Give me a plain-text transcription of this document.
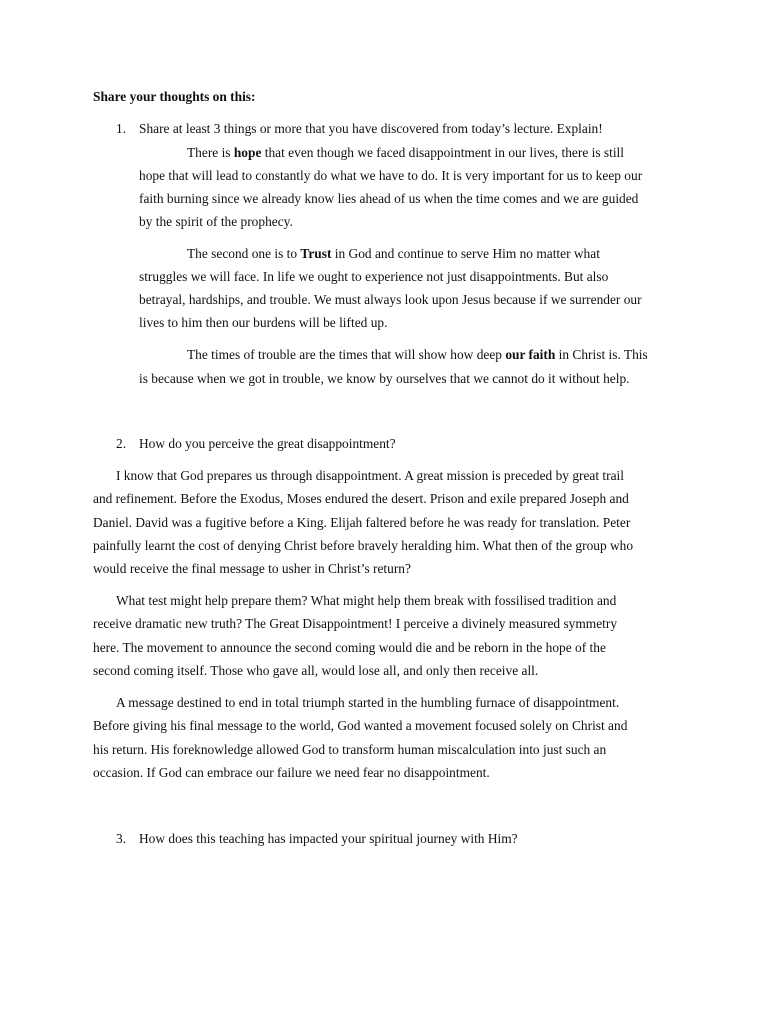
Share your thoughts on this:
1. Share at least 3 things or more that you have discovered from today’s lecture. Explain!
There is hope that even though we faced disappointment in our lives, there is still
hope that will lead to constantly do what we have to do. It is very important for us to keep our
faith burning since we already know lies ahead of us when the time comes and we are guided
by the spirit of the prophecy.
The second one is to Trust in God and continue to serve Him no matter what
struggles we will face. In life we ought to experience not just disappointments. But also
betrayal, hardships, and trouble. We must always look upon Jesus because if we surrender our
lives to him then our burdens will be lifted up.
The times of trouble are the times that will show how deep our faith in Christ is. This
is because when we got in trouble, we know by ourselves that we cannot do it without help.
2. How do you perceive the great disappointment?
I know that God prepares us through disappointment. A great mission is preceded by great trail
and refinement. Before the Exodus, Moses endured the desert. Prison and exile prepared Joseph and
Daniel. David was a fugitive before a King. Elijah faltered before he was ready for translation. Peter
painfully learnt the cost of denying Christ before bravely heralding him. What then of the group who
would receive the final message to usher in Christ’s return?
What test might help prepare them? What might help them break with fossilised tradition and
receive dramatic new truth? The Great Disappointment! I perceive a divinely measured symmetry
here. The movement to announce the second coming would die and be reborn in the hope of the
second coming itself. Those who gave all, would lose all, and only then receive all.
A message destined to end in total triumph started in the humbling furnace of disappointment.
Before giving his final message to the world, God wanted a movement focused solely on Christ and
his return. His foreknowledge allowed God to transform human miscalculation into just such an
occasion. If God can embrace our failure we need fear no disappointment.
3. How does this teaching has impacted your spiritual journey with Him?
